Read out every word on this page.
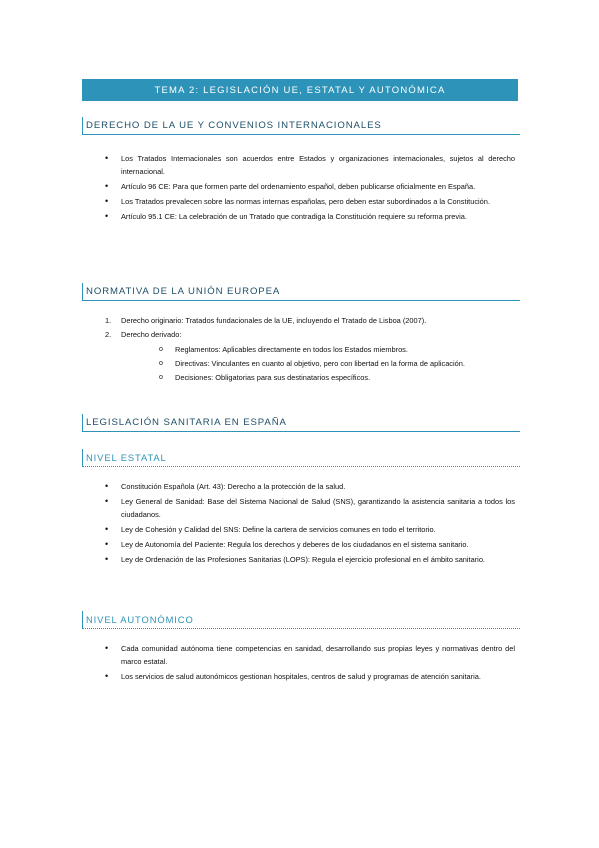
TEMA 2: LEGISLACIÓN UE, ESTATAL Y AUTONÓMICA
DERECHO DE LA UE Y CONVENIOS INTERNACIONALES
• Los Tratados Internacionales son acuerdos entre Estados y organizaciones internacionales, sujetos al derecho internacional.
• Artículo 96 CE: Para que formen parte del ordenamiento español, deben publicarse oficialmente en España.
• Los Tratados prevalecen sobre las normas internas españolas, pero deben estar subordinados a la Constitución.
• Artículo 95.1 CE: La celebración de un Tratado que contradiga la Constitución requiere su reforma previa.
NORMATIVA DE LA UNIÓN EUROPEA
1. Derecho originario: Tratados fundacionales de la UE, incluyendo el Tratado de Lisboa (2007).
2. Derecho derivado:
o Reglamentos: Aplicables directamente en todos los Estados miembros.
o Directivas: Vinculantes en cuanto al objetivo, pero con libertad en la forma de aplicación.
o Decisiones: Obligatorias para sus destinatarios específicos.
LEGISLACIÓN SANITARIA EN ESPAÑA
NIVEL ESTATAL
• Constitución Española (Art. 43): Derecho a la protección de la salud.
• Ley General de Sanidad: Base del Sistema Nacional de Salud (SNS), garantizando la asistencia sanitaria a todos los ciudadanos.
• Ley de Cohesión y Calidad del SNS: Define la cartera de servicios comunes en todo el territorio.
• Ley de Autonomía del Paciente: Regula los derechos y deberes de los ciudadanos en el sistema sanitario.
• Ley de Ordenación de las Profesiones Sanitarias (LOPS): Regula el ejercicio profesional en el ámbito sanitario.
NIVEL AUTONÓMICO
• Cada comunidad autónoma tiene competencias en sanidad, desarrollando sus propias leyes y normativas dentro del marco estatal.
• Los servicios de salud autonómicos gestionan hospitales, centros de salud y programas de atención sanitaria.
